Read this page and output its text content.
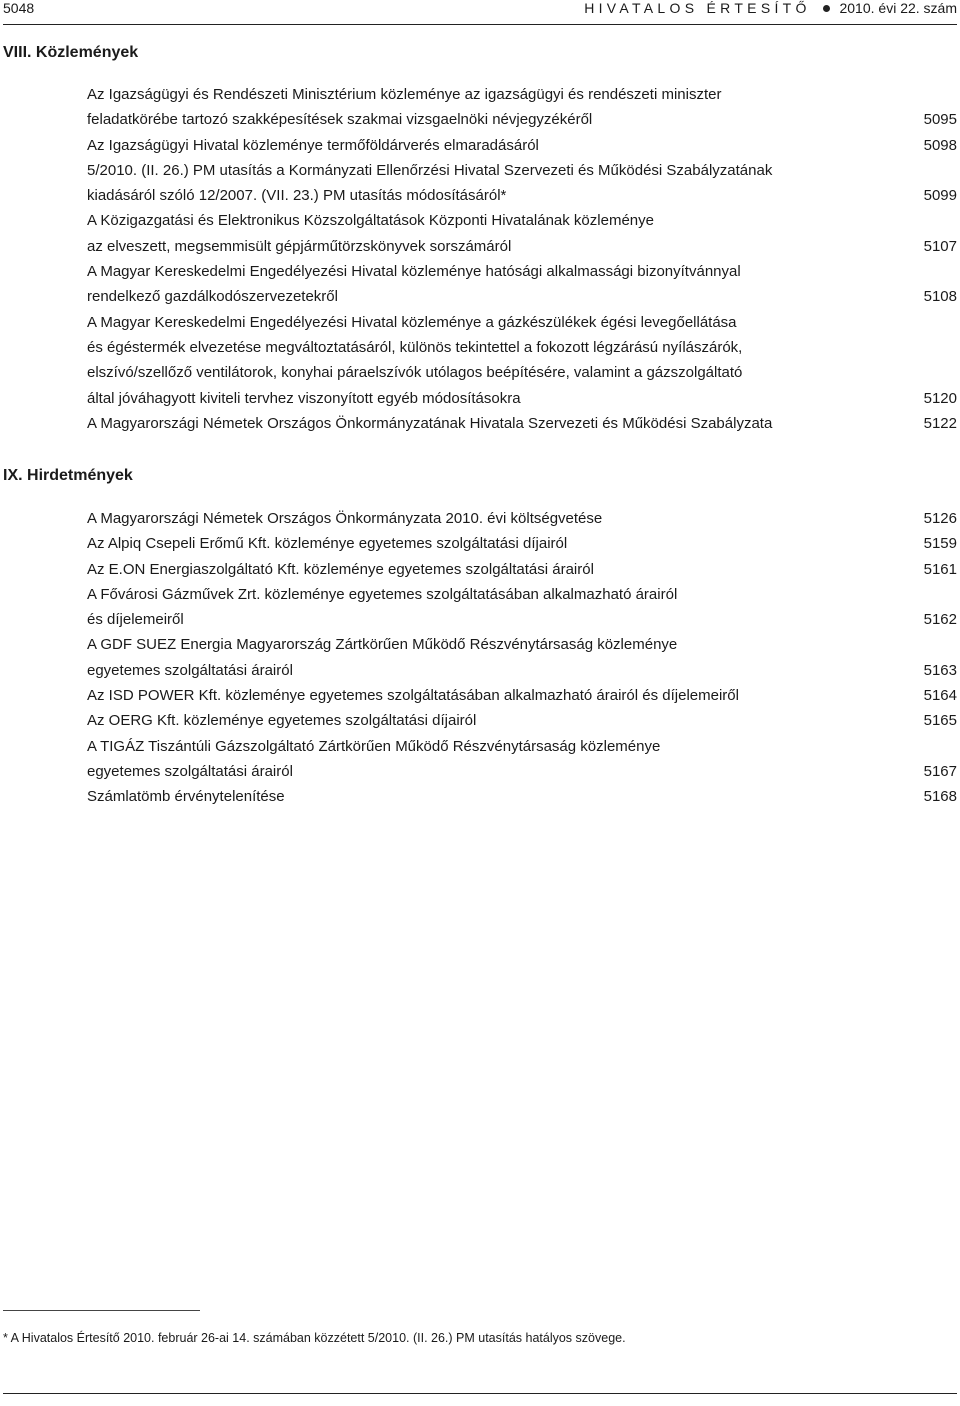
5048	HIVATALOS ÉRTESÍTŐ 2010. évi 22. szám
VIII. Közlemények
Az Igazságügyi és Rendészeti Minisztérium közleménye az igazságügyi és rendészeti miniszter
feladatkörébe tartozó szakképesítések szakmai vizsgaelnöki névjegyzékéről	5095
Az Igazságügyi Hivatal közleménye termőföldárverés elmaradásáról	5098
5/2010. (II. 26.) PM utasítás a Kormányzati Ellenőrzési Hivatal Szervezeti és Működési Szabályzatának
kiadásáról szóló 12/2007. (VII. 23.) PM utasítás módosításáról*	5099
A Közigazgatási és Elektronikus Közszolgáltatások Központi Hivatalának közleménye
az elveszett, megsemmisült gépjárműtörzskönyvek sorszámáról	5107
A Magyar Kereskedelmi Engedélyezési Hivatal közleménye hatósági alkalmassági bizonyítvánnyal
rendelkező gazdálkodószervezetekről	5108
A Magyar Kereskedelmi Engedélyezési Hivatal közleménye a gázkészülékek égési levegőellátása
és égéstermék elvezetése megváltoztatásáról, különös tekintettel a fokozott légzárású nyílászárók,
elszívó/szellőző ventilátorok, konyhai páraelszívók utólagos beépítésére, valamint a gázszolgáltató
által jóváhagyott kiviteli tervhez viszonyított egyéb módosításokra	5120
A Magyarországi Németek Országos Önkormányzatának Hivatala Szervezeti és Működési Szabályzata	5122
IX. Hirdetmények
A Magyarországi Németek Országos Önkormányzata 2010. évi költségvetése	5126
Az Alpiq Csepeli Erőmű Kft. közleménye egyetemes szolgáltatási díjairól	5159
Az E.ON Energiaszolgáltató Kft. közleménye egyetemes szolgáltatási árairól	5161
A Fővárosi Gázművek Zrt. közleménye egyetemes szolgáltatásában alkalmazható árairól
és díjelemeiről	5162
A GDF SUEZ Energia Magyarország Zártkörűen Működő Részvénytársaság közleménye
egyetemes szolgáltatási árairól	5163
Az ISD POWER Kft. közleménye egyetemes szolgáltatásában alkalmazható árairól és díjelemeiről	5164
Az OERG Kft. közleménye egyetemes szolgáltatási díjairól	5165
A TIGÁZ Tiszántúli Gázszolgáltató Zártkörűen Működő Részvénytársaság közleménye
egyetemes szolgáltatási árairól	5167
Számlatömb érvénytelenítése	5168
* A Hivatalos Értesítő 2010. február 26-ai 14. számában közzétett 5/2010. (II. 26.) PM utasítás hatályos szövege.
